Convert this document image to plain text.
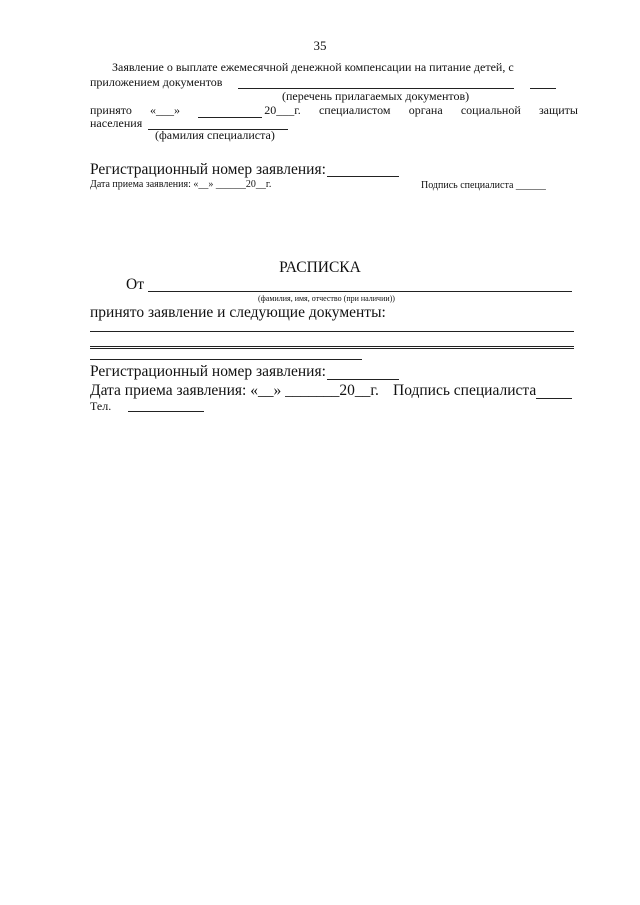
35
Заявление о выплате ежемесячной денежной компенсации на питание детей, с
приложением документов
(перечень прилагаемых документов)
принято «___»	20___г. специалистом органа социальной защиты
населения
(фамилия специалиста)
Регистрационный номер заявления:
Дата приема заявления: «__» ______20__г.	Подпись специалиста ______
РАСПИСКА
От
(фамилия, имя, отчество (при наличии))
принято заявление и следующие документы:
Регистрационный номер заявления:
Дата приема заявления: «__» _______20__г. Подпись специалиста
Тел.
